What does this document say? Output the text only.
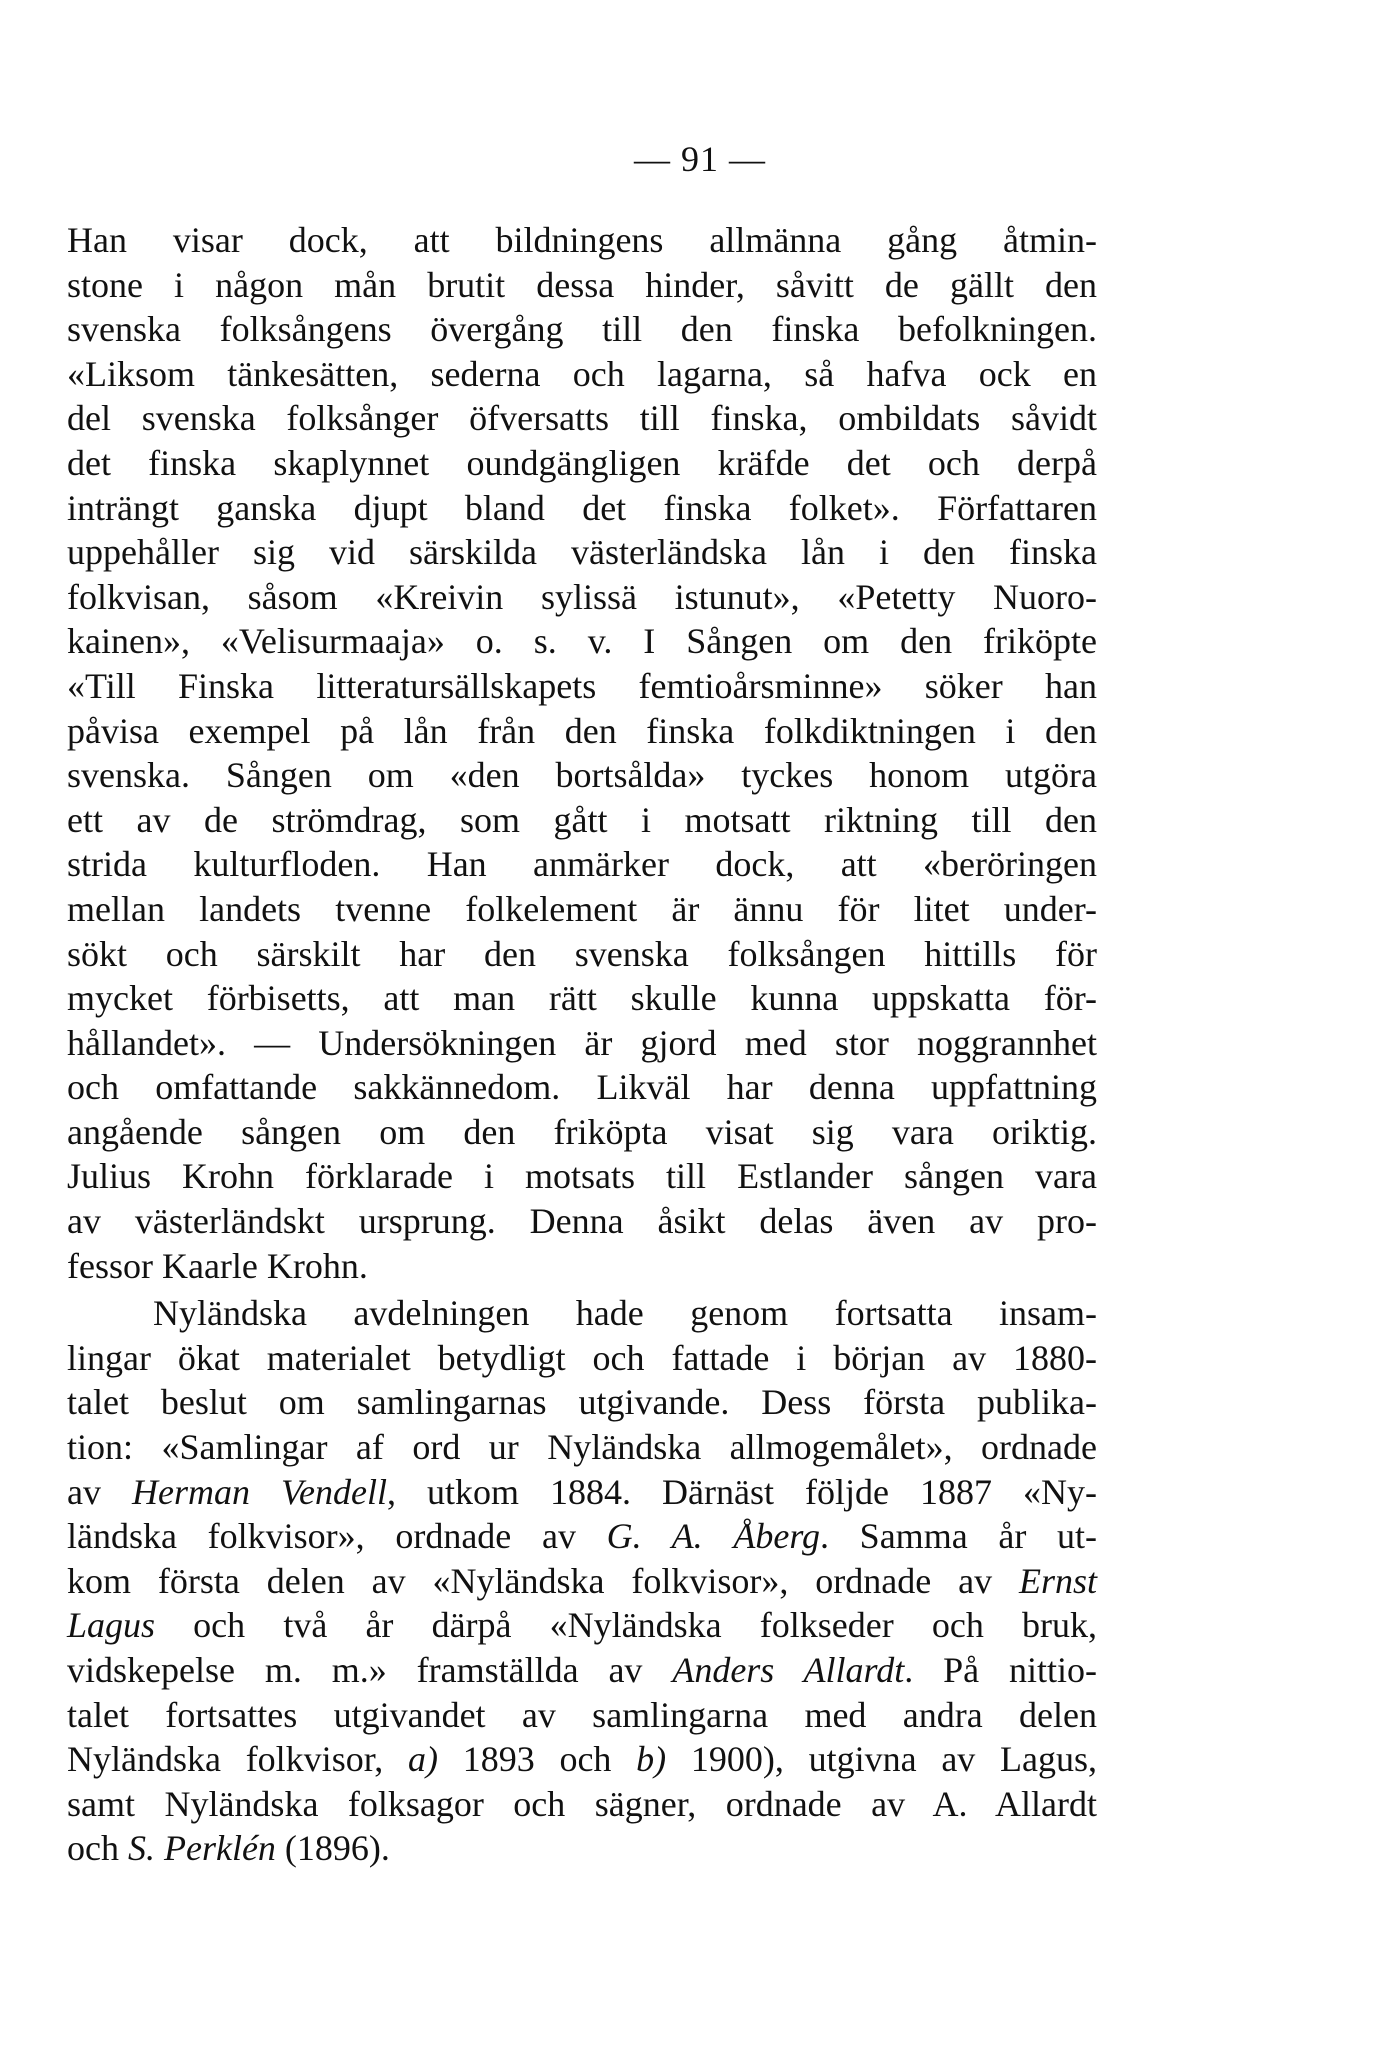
— 91 —
Han visar dock, att bildningens allmänna gång åtmin-
stone i någon mån brutit dessa hinder, såvitt de gällt den
svenska folksångens övergång till den finska befolkningen.
«Liksom tänkesätten, sederna och lagarna, så hafva ock en
del svenska folksånger öfversatts till finska, ombildats såvidt
det finska skaplynnet oundgängligen kräfde det och derpå
inträngt ganska djupt bland det finska folket». Författaren
uppehåller sig vid särskilda västerländska lån i den finska
folkvisan, såsom «Kreivin sylissä istunut», «Petetty Nuoro-
kainen», «Velisurmaaja» o. s. v. I Sången om den friköpte
«Till Finska litteratursällskapets femtioårsminne» söker han
påvisa exempel på lån från den finska folkdiktningen i den
svenska. Sången om «den bortsålda» tyckes honom utgöra
ett av de strömdrag, som gått i motsatt riktning till den
strida kulturfloden. Han anmärker dock, att «beröringen
mellan landets tvenne folkelement är ännu för litet under-
sökt och särskilt har den svenska folksången hittills för
mycket förbisetts, att man rätt skulle kunna uppskatta för-
hållandet». — Undersökningen är gjord med stor noggrannhet
och omfattande sakkännedom. Likväl har denna uppfattning
angående sången om den friköpta visat sig vara oriktig.
Julius Krohn förklarade i motsats till Estlander sången vara
av västerländskt ursprung. Denna åsikt delas även av pro-
fessor Kaarle Krohn.
Nyländska avdelningen hade genom fortsatta insam-
lingar ökat materialet betydligt och fattade i början av 1880-
talet beslut om samlingarnas utgivande. Dess första publika-
tion: «Samlingar af ord ur Nyländska allmogemålet», ordnade
av Herman Vendell, utkom 1884. Därnäst följde 1887 «Ny-
ländska folkvisor», ordnade av G. A. Åberg. Samma år ut-
kom första delen av «Nyländska folkvisor», ordnade av Ernst
Lagus och två år därpå «Nyländska folkseder och bruk,
vidskepelse m. m.» framställda av Anders Allardt. På nittio-
talet fortsattes utgivandet av samlingarna med andra delen
Nyländska folkvisor, a) 1893 och b) 1900), utgivna av Lagus,
samt Nyländska folksagor och sägner, ordnade av A. Allardt
och S. Perklén (1896).
